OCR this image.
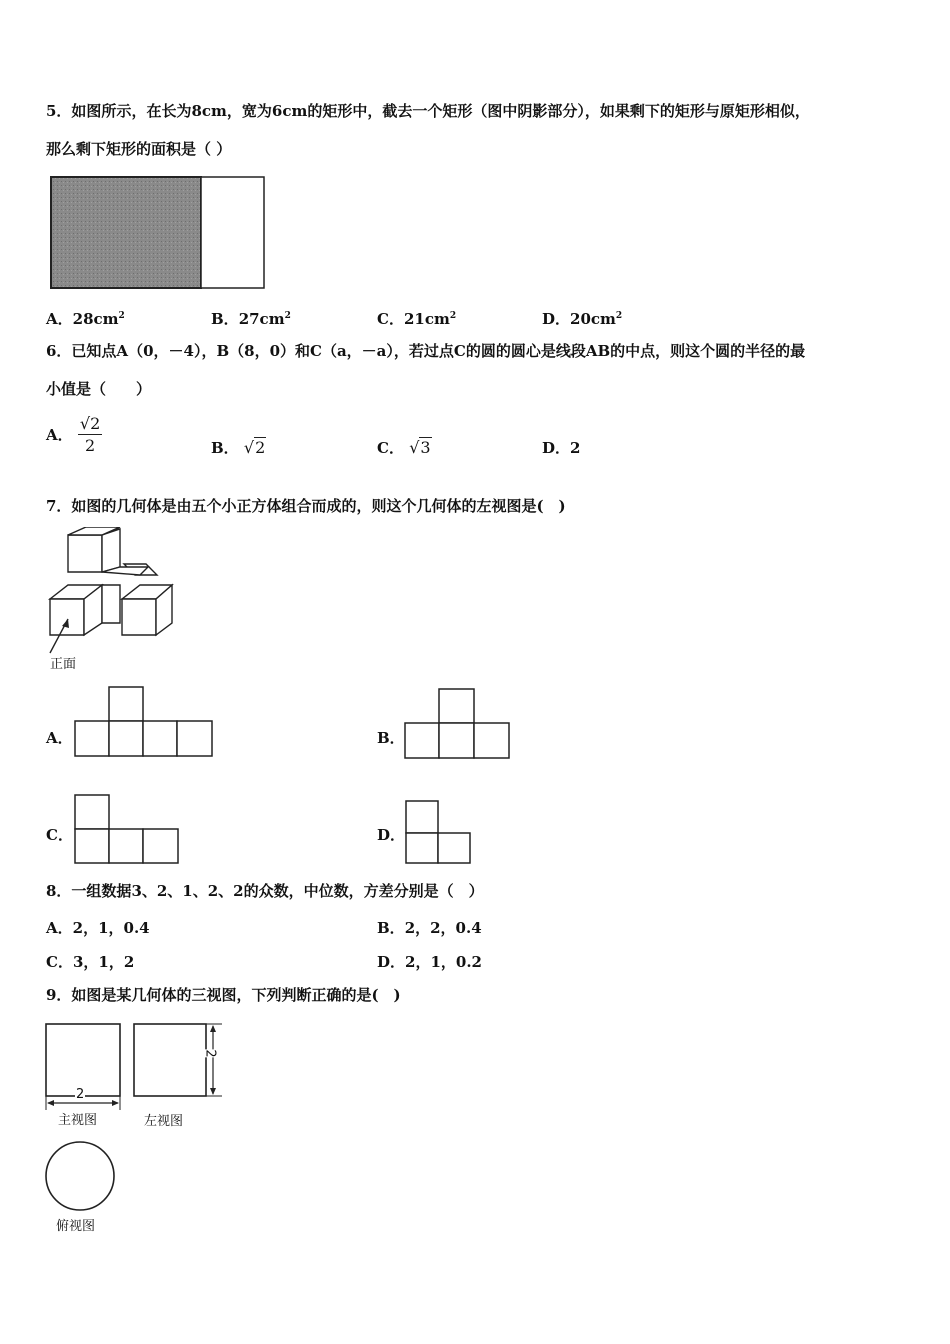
5．如图所示，在长为8cm，宽为6cm的矩形中，截去一个矩形（图中阴影部分），如果剩下的矩形与原矩形相似，
那么剩下矩形的面积是（ ）
A．$28cm^2$	B．$27cm^2$	C．$21cm^2$	D．$20cm^2$
6．已知点A（0，－4），B（8，0）和C（a，－a），若过点C的圆的圆心是线段AB的中点，则这个圆的半径的最
小值是（　　）
A． $\frac{√2}{2}$	B． √2	C． √3	D．2
7．如图的几何体是由五个小正方体组合而成的，则这个几何体的左视图是(　)
正面
A．	B．
C．	D．
8．一组数据3、2、1、2、2的众数，中位数，方差分别是（　）
A．2，1，0.4	B．2，2，0.4
C．3，1，2	D．2，1，0.2
9．如图是某几何体的三视图，下列判断正确的是(　)
2
主视图
2
左视图
俯视图
